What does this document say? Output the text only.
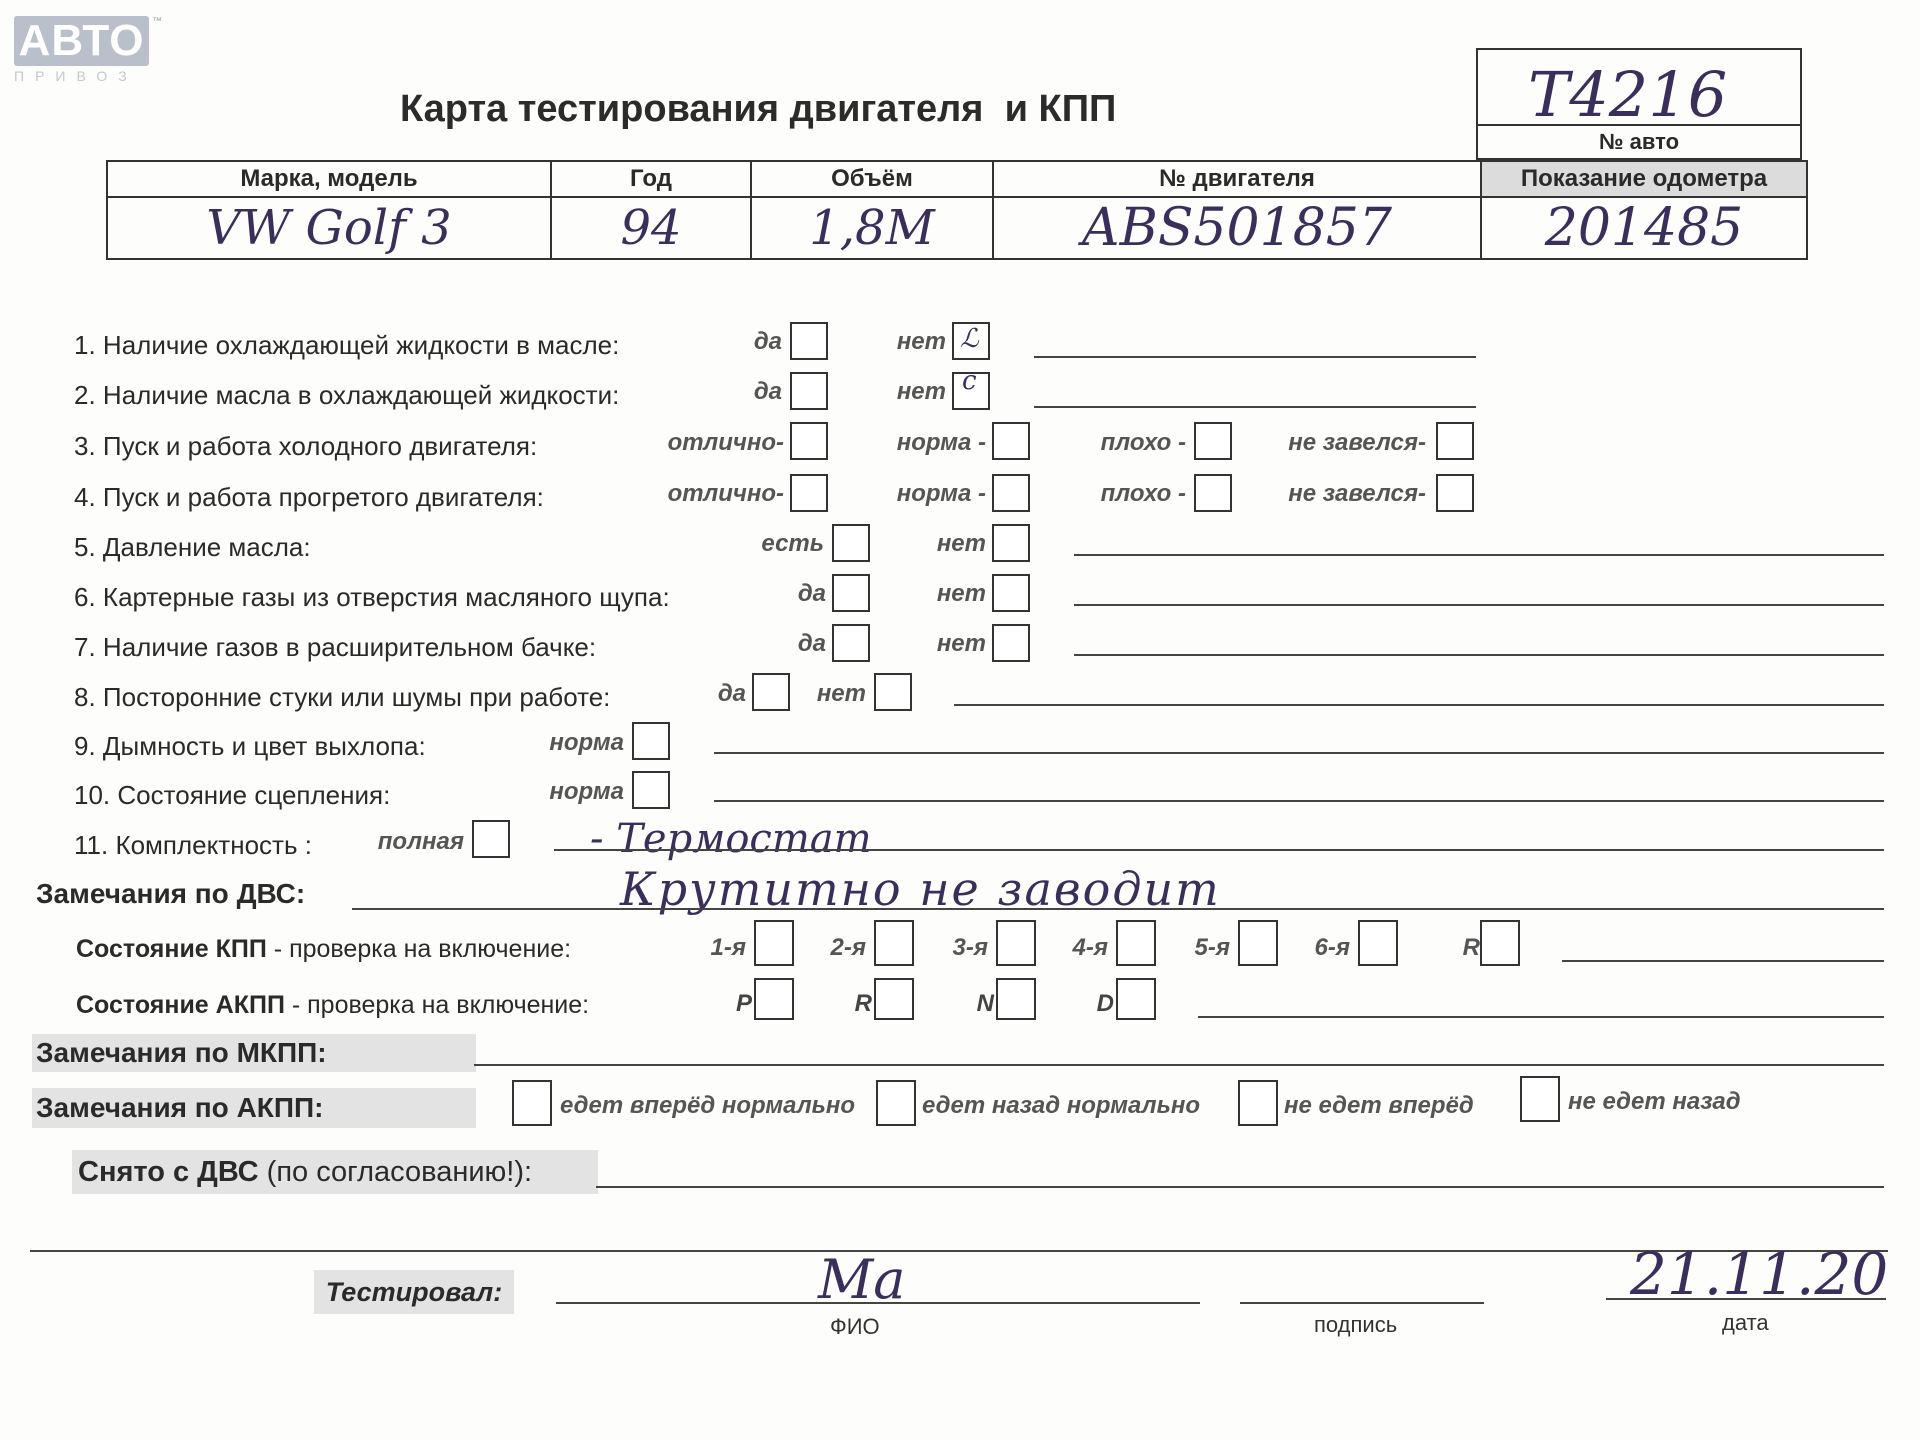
АВТО ™
ПРИВОЗ
Карта тестирования двигателя  и КПП	T4216
№ авто
Марка, модель	Год	Объём	№ двигателя	Показание одометра
VW Golf 3	94	1,8M	ABS501857	201485
1. Наличие охлаждающей жидкости в масле:	да	нет ℒ
2. Наличие масла в охлаждающей жидкости:	да	нет c
3. Пуск и работа холодного двигателя:	отлично-	норма -	плохо -	не завелся-
4. Пуск и работа прогретого двигателя:	отлично-	норма -	плохо -	не завелся-
5. Давление масла:	есть	нет
6. Картерные газы из отверстия масляного щупа:	да	нет
7. Наличие газов в расширительном бачке:	да	нет
8. Посторонние стуки или шумы при работе:	да	нет
9. Дымность и цвет выхлопа:	норма
10. Состояние сцепления:	норма
11. Комплектность :	полная	- Термостат
Замечания по ДВС:	Крутитно не заводит
Состояние КПП - проверка на включение:	1-я	2-я	3-я	4-я	5-я	6-я	R
Состояние АКПП - проверка на включение:	P	R	N	D
Замечания по МКПП:
Замечания по АКПП:	едет вперёд нормально	едет назад нормально	не едет вперёд	не едет назад
Снято с ДВС (по согласованию!):
Тестировал:	Ma
ФИО	подпись
21.11.20
дата
